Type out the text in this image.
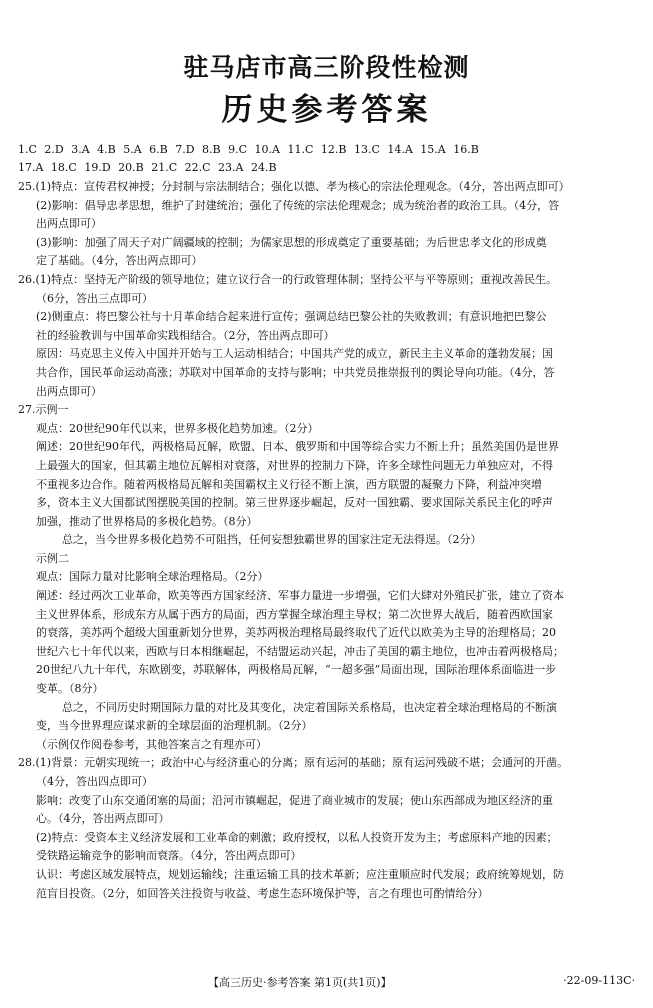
驻马店市高三阶段性检测
历史参考答案
1.C 2.D 3.A 4.B 5.A 6.B 7.D 8.B 9.C 10.A 11.C 12.B 13.C 14.A 15.A 16.B
17.A 18.C 19.D 20.B 21.C 22.C 23.A 24.B
25.(1)特点：宣传君权神授；分封制与宗法制结合；强化以德、孝为核心的宗法伦理观念。（4分，答出两点即可）
(2)影响：倡导忠孝思想，维护了封建统治；强化了传统的宗法伦理观念；成为统治者的政治工具。（4分，答
出两点即可）
(3)影响：加强了周天子对广阔疆域的控制；为儒家思想的形成奠定了重要基础；为后世忠孝文化的形成奠
定了基础。（4分，答出两点即可）
26.(1)特点：坚持无产阶级的领导地位；建立议行合一的行政管理体制；坚持公平与平等原则；重视改善民生。
（6分，答出三点即可）
(2)侧重点：将巴黎公社与十月革命结合起来进行宣传；强调总结巴黎公社的失败教训；有意识地把巴黎公
社的经验教训与中国革命实践相结合。（2分，答出两点即可）
原因：马克思主义传入中国并开始与工人运动相结合；中国共产党的成立，新民主主义革命的蓬勃发展；国
共合作，国民革命运动高涨；苏联对中国革命的支持与影响；中共党员推崇报刊的舆论导向功能。（4分，答
出两点即可）
27.示例一
观点：20世纪90年代以来，世界多极化趋势加速。（2分）
阐述：20世纪90年代，两极格局瓦解，欧盟、日本、俄罗斯和中国等综合实力不断上升；虽然美国仍是世界
上最强大的国家，但其霸主地位瓦解相对衰落，对世界的控制力下降，许多全球性问题无力单独应对，不得
不重视多边合作。随着两极格局瓦解和美国霸权主义行径不断上演，西方联盟的凝聚力下降，利益冲突增
多，资本主义大国都试图摆脱美国的控制。第三世界逐步崛起，反对一国独霸、要求国际关系民主化的呼声
加强，推动了世界格局的多极化趋势。（8分）
总之，当今世界多极化趋势不可阻挡，任何妄想独霸世界的国家注定无法得逞。（2分）
示例二
观点：国际力量对比影响全球治理格局。（2分）
阐述：经过两次工业革命，欧美等西方国家经济、军事力量进一步增强，它们大肆对外殖民扩张，建立了资本
主义世界体系，形成东方从属于西方的局面，西方掌握全球治理主导权；第二次世界大战后，随着西欧国家
的衰落，美苏两个超级大国重新划分世界，美苏两极治理格局最终取代了近代以欧美为主导的治理格局；20
世纪六七十年代以来，西欧与日本相继崛起，不结盟运动兴起，冲击了美国的霸主地位，也冲击着两极格局；
20世纪八九十年代，东欧剧变，苏联解体，两极格局瓦解，“一超多强”局面出现，国际治理体系面临进一步
变革。（8分）
总之，不同历史时期国际力量的对比及其变化，决定着国际关系格局，也决定着全球治理格局的不断演
变，当今世界理应谋求新的全球层面的治理机制。（2分）
（示例仅作阅卷参考，其他答案言之有理亦可）
28.(1)背景：元朝实现统一；政治中心与经济重心的分离；原有运河的基础；原有运河残破不堪；会通河的开凿。
（4分，答出四点即可）
影响：改变了山东交通闭塞的局面；沿河市镇崛起，促进了商业城市的发展；使山东西部成为地区经济的重
心。（4分，答出两点即可）
(2)特点：受资本主义经济发展和工业革命的刺激；政府授权，以私人投资开发为主；考虑原料产地的因素；
受铁路运输竞争的影响而衰落。（4分，答出两点即可）
认识：考虑区域发展特点，规划运输线；注重运输工具的技术革新；应注重顺应时代发展；政府统筹规划，防
范盲目投资。（2分，如回答关注投资与收益、考虑生态环境保护等，言之有理也可酌情给分）
【高三历史·参考答案 第1页(共1页)】	·22-09-113C·
